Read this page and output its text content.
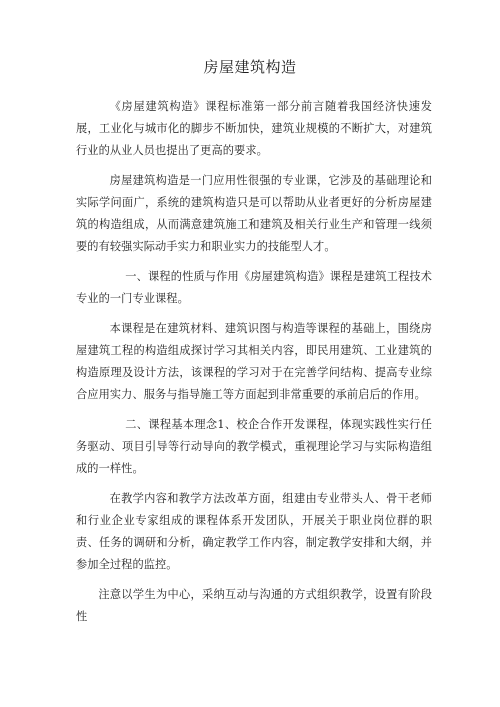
房屋建筑构造

《房屋建筑构造》课程标准第一部分前言随着我国经济快速发展，工业化与城市化的脚步不断加快，建筑业规模的不断扩大，对建筑行业的从业人员也提出了更高的要求。

房屋建筑构造是一门应用性很强的专业课，它涉及的基础理论和实际学问面广，系统的建筑构造只是可以帮助从业者更好的分析房屋建筑的构造组成，从而满意建筑施工和建筑及相关行业生产和管理一线须要的有较强实际动手实力和职业实力的技能型人才。

一、课程的性质与作用《房屋建筑构造》课程是建筑工程技术专业的一门专业课程。

本课程是在建筑材料、建筑识图与构造等课程的基础上，围绕房屋建筑工程的构造组成探讨学习其相关内容，即民用建筑、工业建筑的构造原理及设计方法，该课程的学习对于在完善学问结构、提高专业综合应用实力、服务与指导施工等方面起到非常重要的承前启后的作用。

二、课程基本理念1、校企合作开发课程，体现实践性实行任务驱动、项目引导等行动导向的教学模式，重视理论学习与实际构造组成的一样性。

在教学内容和教学方法改革方面，组建由专业带头人、骨干老师和行业企业专家组成的课程体系开发团队，开展关于职业岗位群的职责、任务的调研和分析，确定教学工作内容，制定教学安排和大纲，并参加全过程的监控。

注意以学生为中心，采纳互动与沟通的方式组织教学，设置有阶段性
